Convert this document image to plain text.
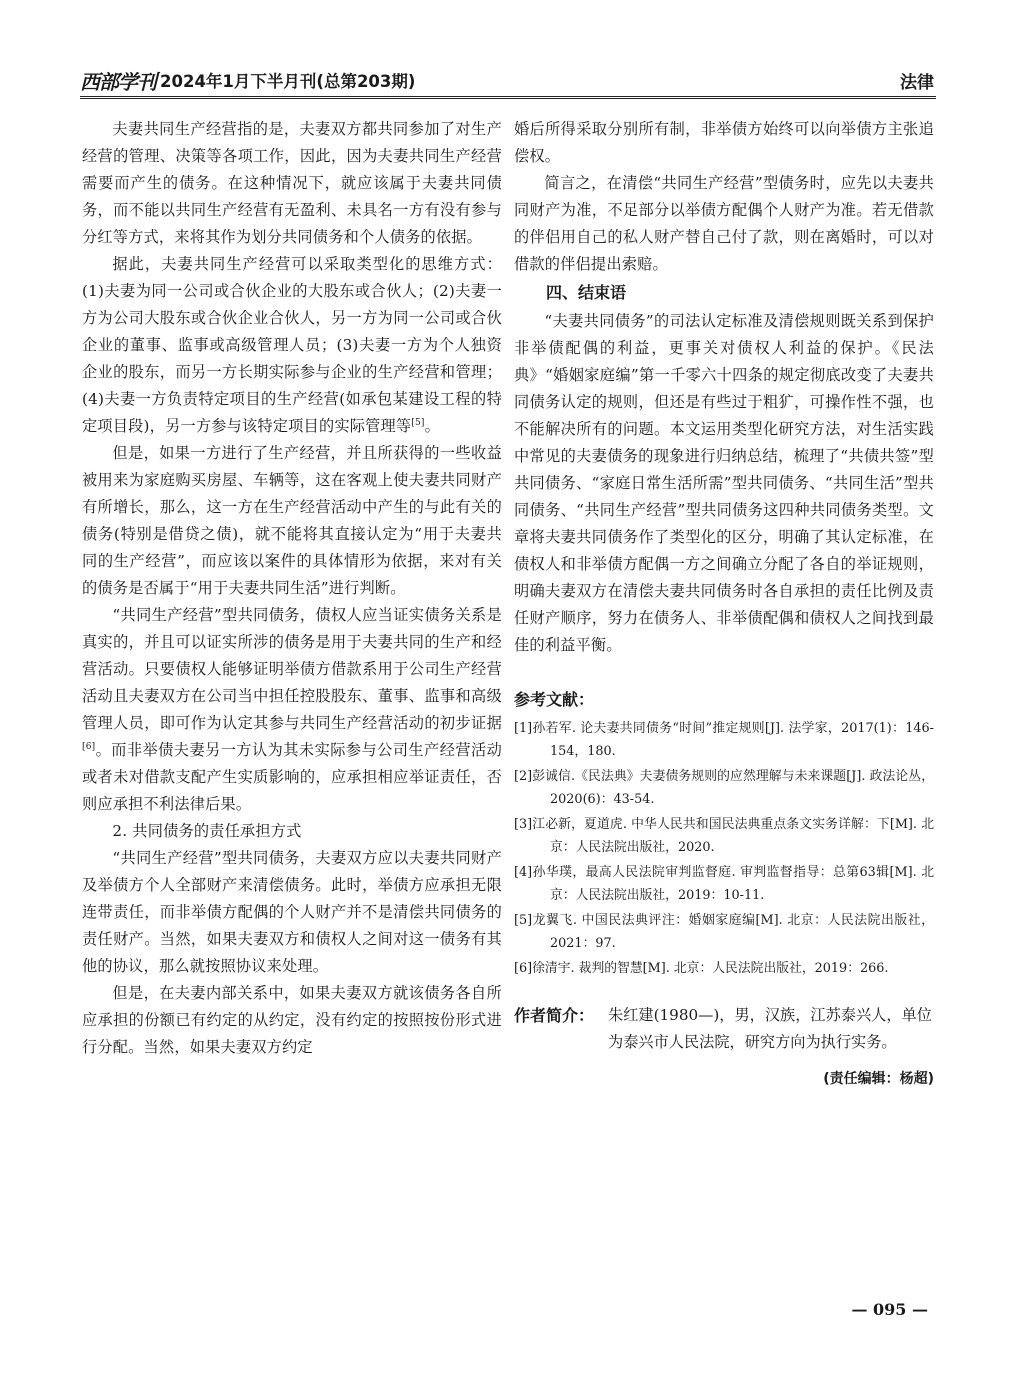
西部学刊 2024年1月下半月刊(总第203期)	法律

夫妻共同生产经营指的是，夫妻双方都共同参加了对生产经营的管理、决策等各项工作，因此，因为夫妻共同生产经营需要而产生的债务。在这种情况下，就应该属于夫妻共同债务，而不能以共同生产经营有无盈利、未具名一方有没有参与分红等方式，来将其作为划分共同债务和个人债务的依据。

据此，夫妻共同生产经营可以采取类型化的思维方式：(1)夫妻为同一公司或合伙企业的大股东或合伙人；(2)夫妻一方为公司大股东或合伙企业合伙人，另一方为同一公司或合伙企业的董事、监事或高级管理人员；(3)夫妻一方为个人独资企业的股东，而另一方长期实际参与企业的生产经营和管理；(4)夫妻一方负责特定项目的生产经营(如承包某建设工程的特定项目段)，另一方参与该特定项目的实际管理等[5]。

但是，如果一方进行了生产经营，并且所获得的一些收益被用来为家庭购买房屋、车辆等，这在客观上使夫妻共同财产有所增长，那么，这一方在生产经营活动中产生的与此有关的债务(特别是借贷之债)，就不能将其直接认定为“用于夫妻共同的生产经营”，而应该以案件的具体情形为依据，来对有关的债务是否属于“用于夫妻共同生活”进行判断。

“共同生产经营”型共同债务，债权人应当证实债务关系是真实的，并且可以证实所涉的债务是用于夫妻共同的生产和经营活动。只要债权人能够证明举债方借款系用于公司生产经营活动且夫妻双方在公司当中担任控股股东、董事、监事和高级管理人员，即可作为认定其参与共同生产经营活动的初步证据[6]。而非举债夫妻另一方认为其未实际参与公司生产经营活动或者未对借款支配产生实质影响的，应承担相应举证责任，否则应承担不利法律后果。

2. 共同债务的责任承担方式

“共同生产经营”型共同债务，夫妻双方应以夫妻共同财产及举债方个人全部财产来清偿债务。此时，举债方应承担无限连带责任，而非举债方配偶的个人财产并不是清偿共同债务的责任财产。当然，如果夫妻双方和债权人之间对这一债务有其他的协议，那么就按照协议来处理。

但是，在夫妻内部关系中，如果夫妻双方就该债务各自所应承担的份额已有约定的从约定，没有约定的按照按份形式进行分配。当然，如果夫妻双方约定

婚后所得采取分别所有制，非举债方始终可以向举债方主张追偿权。

简言之，在清偿“共同生产经营”型债务时，应先以夫妻共同财产为准，不足部分以举债方配偶个人财产为准。若无借款的伴侣用自己的私人财产替自己付了款，则在离婚时，可以对借款的伴侣提出索赔。

四、结束语

“夫妻共同债务”的司法认定标准及清偿规则既关系到保护非举债配偶的利益，更事关对债权人利益的保护。《民法典》“婚姻家庭编”第一千零六十四条的规定彻底改变了夫妻共同债务认定的规则，但还是有些过于粗犷，可操作性不强，也不能解决所有的问题。本文运用类型化研究方法，对生活实践中常见的夫妻债务的现象进行归纳总结，梳理了“共债共签”型共同债务、“家庭日常生活所需”型共同债务、“共同生活”型共同债务、“共同生产经营”型共同债务这四种共同债务类型。文章将夫妻共同债务作了类型化的区分，明确了其认定标准，在债权人和非举债方配偶一方之间确立分配了各自的举证规则，明确夫妻双方在清偿夫妻共同债务时各自承担的责任比例及责任财产顺序，努力在债务人、非举债配偶和债权人之间找到最佳的利益平衡。

参考文献：

[1]孙若军. 论夫妻共同债务“时间”推定规则[J]. 法学家，2017(1)：146-154，180.

[2]彭诚信.《民法典》夫妻债务规则的应然理解与未来课题[J]. 政法论丛，2020(6)：43-54.

[3]江必新，夏道虎. 中华人民共和国民法典重点条文实务详解：下[M]. 北京：人民法院出版社，2020.

[4]孙华璞，最高人民法院审判监督庭. 审判监督指导：总第63辑[M]. 北京：人民法院出版社，2019：10-11.

[5]龙翼飞. 中国民法典评注：婚姻家庭编[M]. 北京：人民法院出版社，2021：97.

[6]徐清宇. 裁判的智慧[M]. 北京：人民法院出版社，2019：266.

作者简介： 朱红建(1980—)，男，汉族，江苏泰兴人，单位为泰兴市人民法院，研究方向为执行实务。
(责任编辑：杨超)
— 095 —
